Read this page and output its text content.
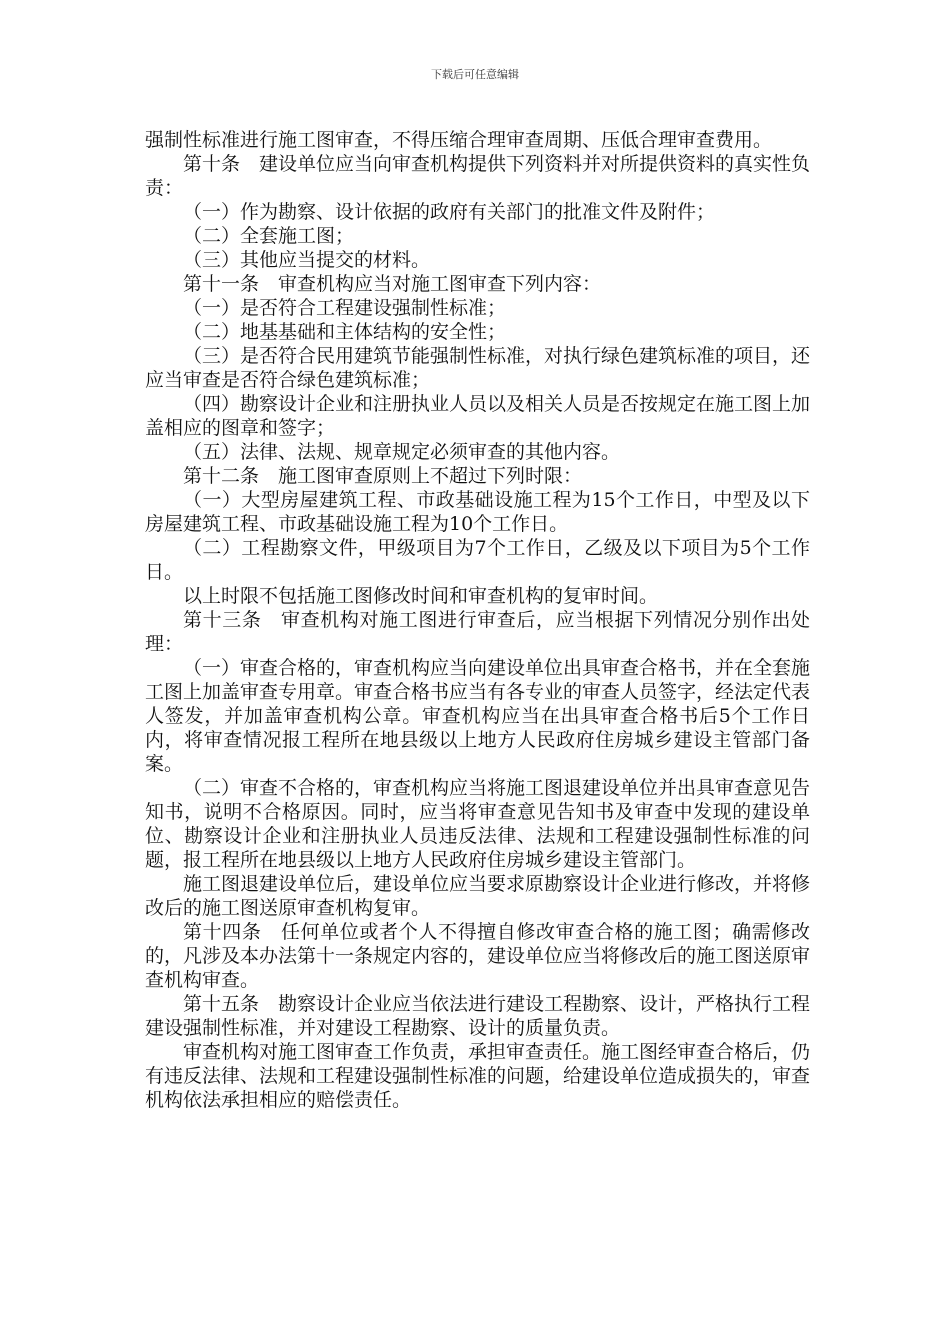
下载后可任意编辑

强制性标准进行施工图审查，不得压缩合理审查周期、压低合理审查费用。

第十条　建设单位应当向审查机构提供下列资料并对所提供资料的真实性负责：

（一）作为勘察、设计依据的政府有关部门的批准文件及附件；

（二）全套施工图；

（三）其他应当提交的材料。

第十一条　审查机构应当对施工图审查下列内容：

（一）是否符合工程建设强制性标准；

（二）地基基础和主体结构的安全性；

（三）是否符合民用建筑节能强制性标准，对执行绿色建筑标准的项目，还应当审查是否符合绿色建筑标准；

（四）勘察设计企业和注册执业人员以及相关人员是否按规定在施工图上加盖相应的图章和签字；

（五）法律、法规、规章规定必须审查的其他内容。

第十二条　施工图审查原则上不超过下列时限：

（一）大型房屋建筑工程、市政基础设施工程为15个工作日，中型及以下房屋建筑工程、市政基础设施工程为10个工作日。

（二）工程勘察文件，甲级项目为7个工作日，乙级及以下项目为5个工作日。

以上时限不包括施工图修改时间和审查机构的复审时间。

第十三条　审查机构对施工图进行审查后，应当根据下列情况分别作出处理：

（一）审查合格的，审查机构应当向建设单位出具审查合格书，并在全套施工图上加盖审查专用章。审查合格书应当有各专业的审查人员签字，经法定代表人签发，并加盖审查机构公章。审查机构应当在出具审查合格书后5个工作日内，将审查情况报工程所在地县级以上地方人民政府住房城乡建设主管部门备案。

（二）审查不合格的，审查机构应当将施工图退建设单位并出具审查意见告知书，说明不合格原因。同时，应当将审查意见告知书及审查中发现的建设单位、勘察设计企业和注册执业人员违反法律、法规和工程建设强制性标准的问题，报工程所在地县级以上地方人民政府住房城乡建设主管部门。

施工图退建设单位后，建设单位应当要求原勘察设计企业进行修改，并将修改后的施工图送原审查机构复审。

第十四条　任何单位或者个人不得擅自修改审查合格的施工图；确需修改的，凡涉及本办法第十一条规定内容的，建设单位应当将修改后的施工图送原审查机构审查。

第十五条　勘察设计企业应当依法进行建设工程勘察、设计，严格执行工程建设强制性标准，并对建设工程勘察、设计的质量负责。

审查机构对施工图审查工作负责，承担审查责任。施工图经审查合格后，仍有违反法律、法规和工程建设强制性标准的问题，给建设单位造成损失的，审查机构依法承担相应的赔偿责任。
